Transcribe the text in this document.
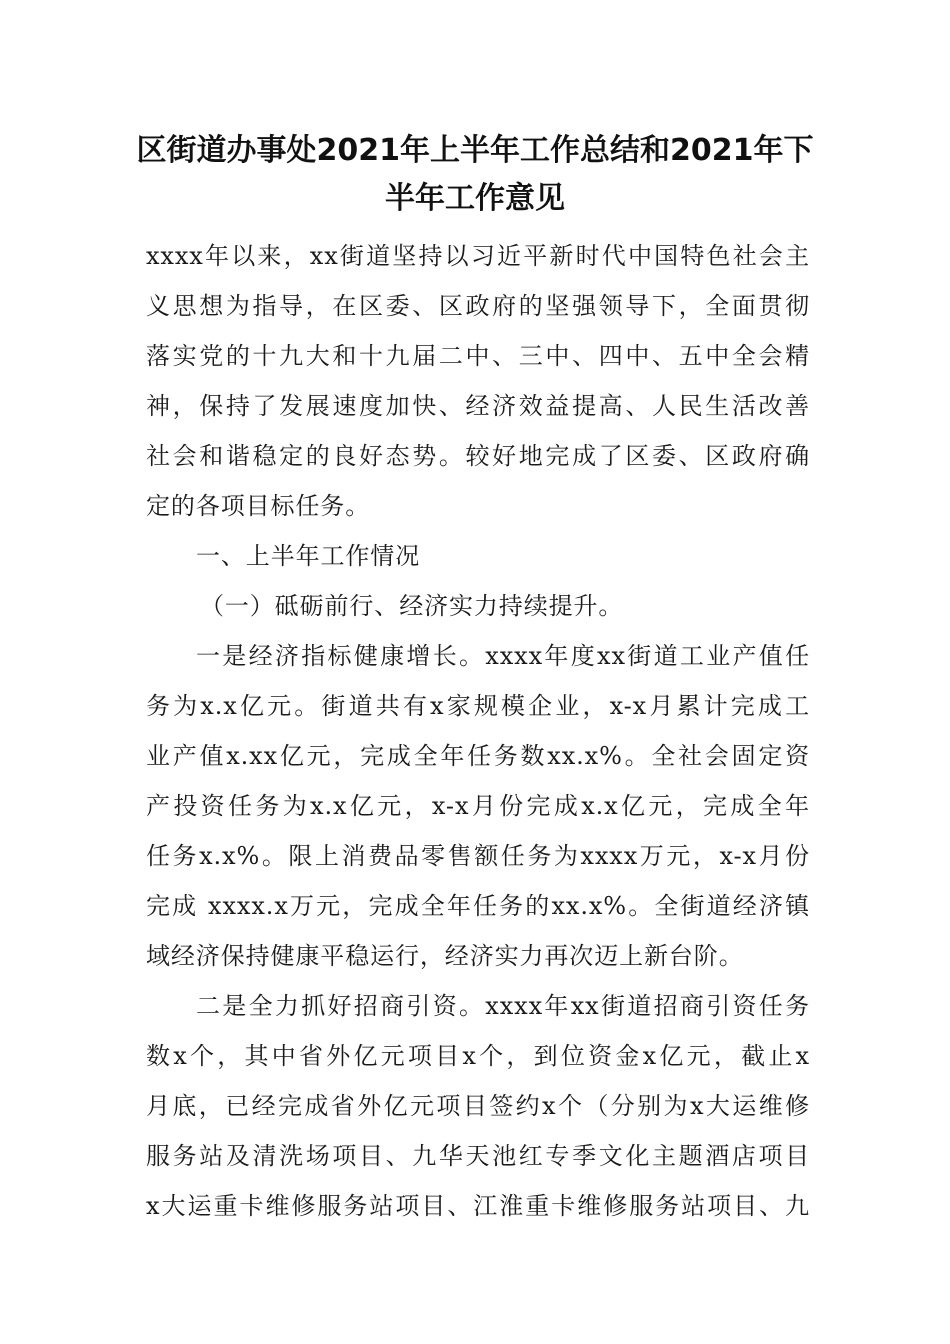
区街道办事处2021年上半年工作总结和2021年下
半年工作意见
xxxx年以来，xx街道坚持以习近平新时代中国特色社会主
义思想为指导，在区委、区政府的坚强领导下，全面贯彻
落实党的十九大和十九届二中、三中、四中、五中全会精
神，保持了发展速度加快、经济效益提高、人民生活改善
社会和谐稳定的良好态势。较好地完成了区委、区政府确
定的各项目标任务。
一、上半年工作情况
（一）砥砺前行、经济实力持续提升。
一是经济指标健康增长。xxxx年度xx街道工业产值任
务为x.x亿元。街道共有x家规模企业，x-x月累计完成工
业产值x.xx亿元，完成全年任务数xx.x%。全社会固定资
产投资任务为x.x亿元，x-x月份完成x.x亿元，完成全年
任务x.x%。限上消费品零售额任务为xxxx万元，x-x月份
完成 xxxx.x万元，完成全年任务的xx.x%。全街道经济镇
域经济保持健康平稳运行，经济实力再次迈上新台阶。
二是全力抓好招商引资。xxxx年xx街道招商引资任务
数x个，其中省外亿元项目x个，到位资金x亿元，截止x
月底，已经完成省外亿元项目签约x个（分别为x大运维修
服务站及清洗场项目、九华天池红专季文化主题酒店项目
x大运重卡维修服务站项目、江淮重卡维修服务站项目、九
